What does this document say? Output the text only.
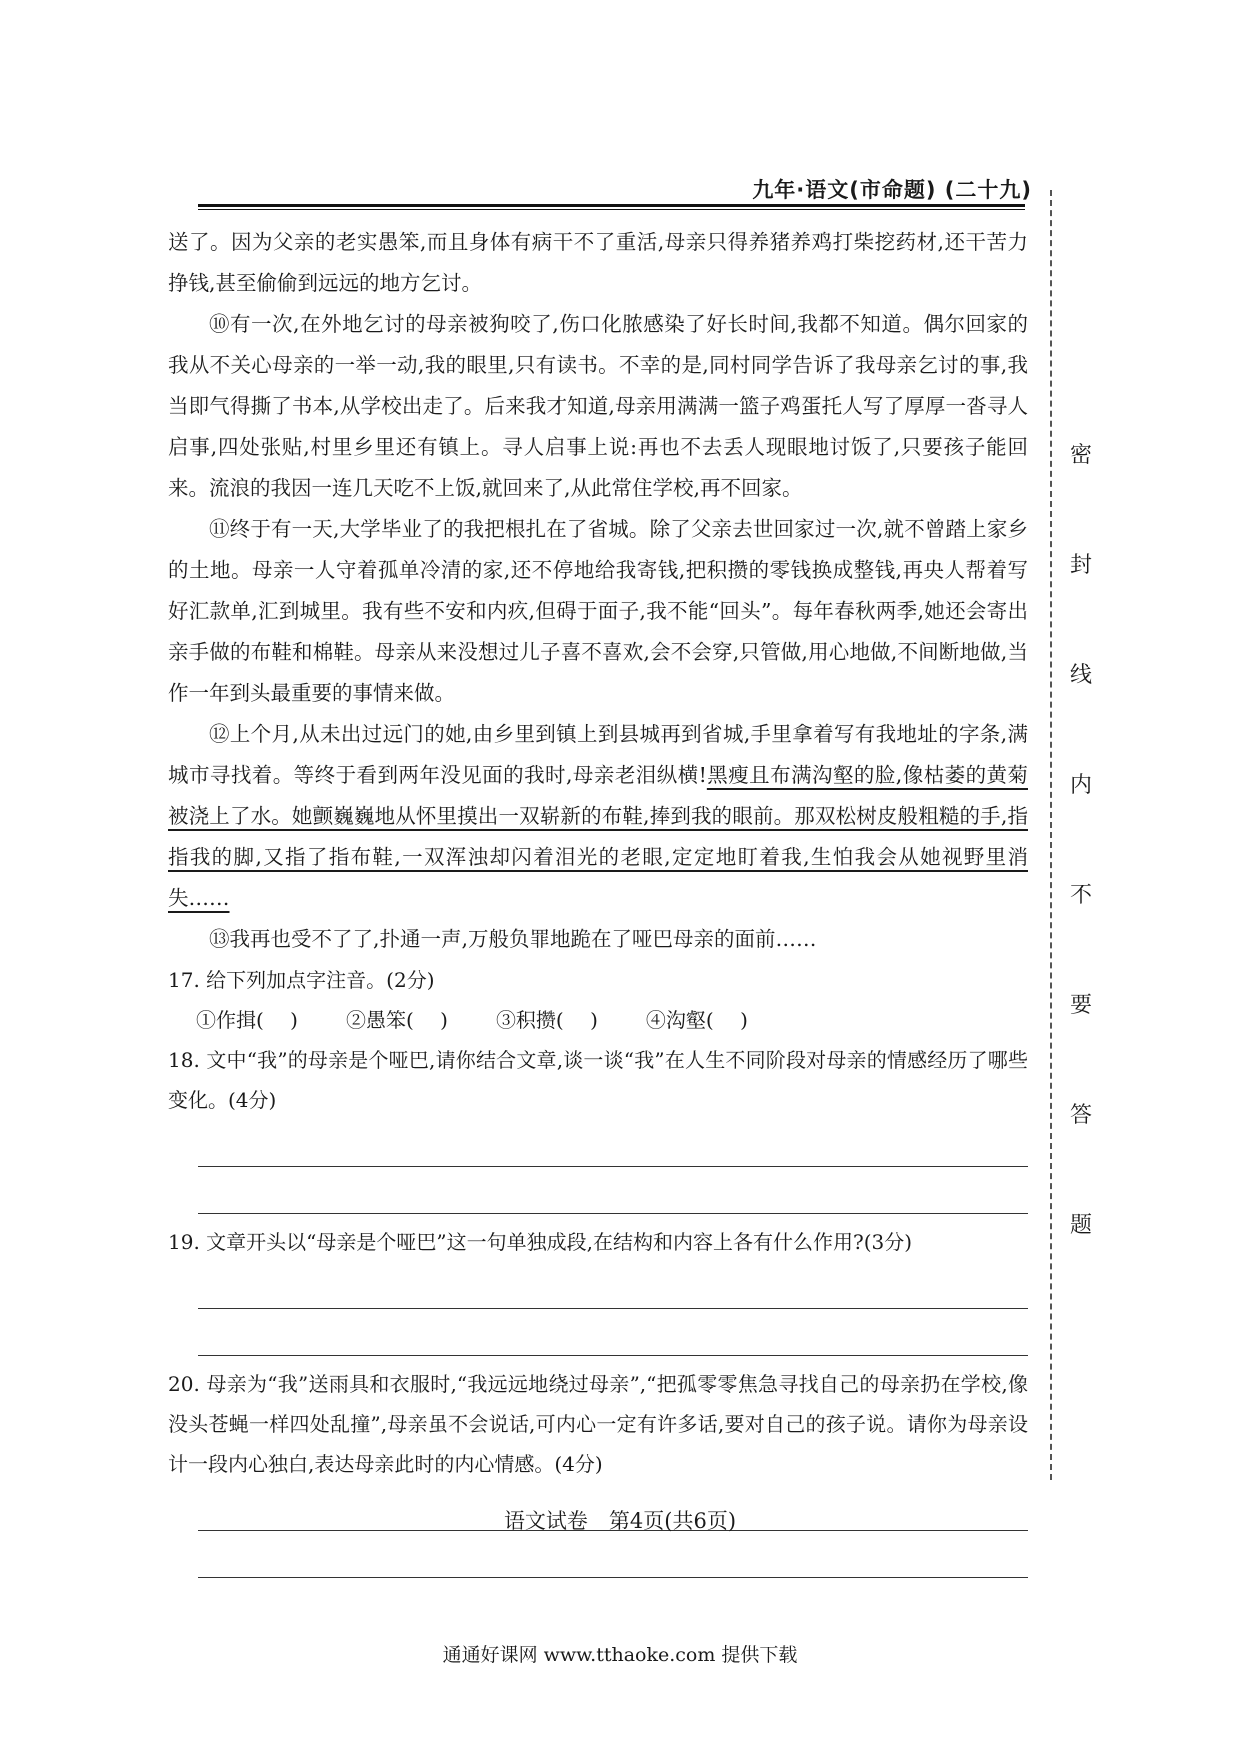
九年·语文(市命题) (二十九)
密
封
线
内
不
要
答
题

送了。因为父亲的老实愚笨,而且身体有病干不了重活,母亲只得养猪养鸡打柴挖药材,还干苦力挣钱,甚至偷偷到远远的地方乞讨。

⑩有一次,在外地乞讨的母亲被狗咬了,伤口化脓感染了好长时间,我都不知道。偶尔回家的我从不关心母亲的一举一动,我的眼里,只有读书。不幸的是,同村同学告诉了我母亲乞讨的事,我当即气得撕了书本,从学校出走了。后来我才知道,母亲用满满一篮子鸡蛋托人写了厚厚一沓寻人启事,四处张贴,村里乡里还有镇上。寻人启事上说:再也不去丢人现眼地讨饭了,只要孩子能回来。流浪的我因一连几天吃不上饭,就回来了,从此常住学校,再不回家。

⑪终于有一天,大学毕业了的我把根扎在了省城。除了父亲去世回家过一次,就不曾踏上家乡的土地。母亲一人守着孤单冷清的家,还不停地给我寄钱,把积攒的零钱换成整钱,再央人帮着写好汇款单,汇到城里。我有些不安和内疚,但碍于面子,我不能“回头”。每年春秋两季,她还会寄出亲手做的布鞋和棉鞋。母亲从来没想过儿子喜不喜欢,会不会穿,只管做,用心地做,不间断地做,当作一年到头最重要的事情来做。

⑫上个月,从未出过远门的她,由乡里到镇上到县城再到省城,手里拿着写有我地址的字条,满城市寻找着。等终于看到两年没见面的我时,母亲老泪纵横!黑瘦且布满沟壑的脸,像枯萎的黄菊被浇上了水。她颤巍巍地从怀里摸出一双崭新的布鞋,捧到我的眼前。那双松树皮般粗糙的手,指指我的脚,又指了指布鞋,一双浑浊却闪着泪光的老眼,定定地盯着我,生怕我会从她视野里消失……

⑬我再也受不了了,扑通一声,万般负罪地跪在了哑巴母亲的面前……

17. 给下列加点字注音。(2分)

①作揖(　 ) ②愚笨(　 ) ③积攒(　 ) ④沟壑(　 )

18. 文中“我”的母亲是个哑巴,请你结合文章,谈一谈“我”在人生不同阶段对母亲的情感经历了哪些变化。(4分)

19. 文章开头以“母亲是个哑巴”这一句单独成段,在结构和内容上各有什么作用?(3分)

20. 母亲为“我”送雨具和衣服时,“我远远地绕过母亲”,“把孤零零焦急寻找自己的母亲扔在学校,像没头苍蝇一样四处乱撞”,母亲虽不会说话,可内心一定有许多话,要对自己的孩子说。请你为母亲设计一段内心独白,表达母亲此时的内心情感。(4分)

语文试卷　第4页(共6页)
通通好课网 www.tthaoke.com 提供下载
